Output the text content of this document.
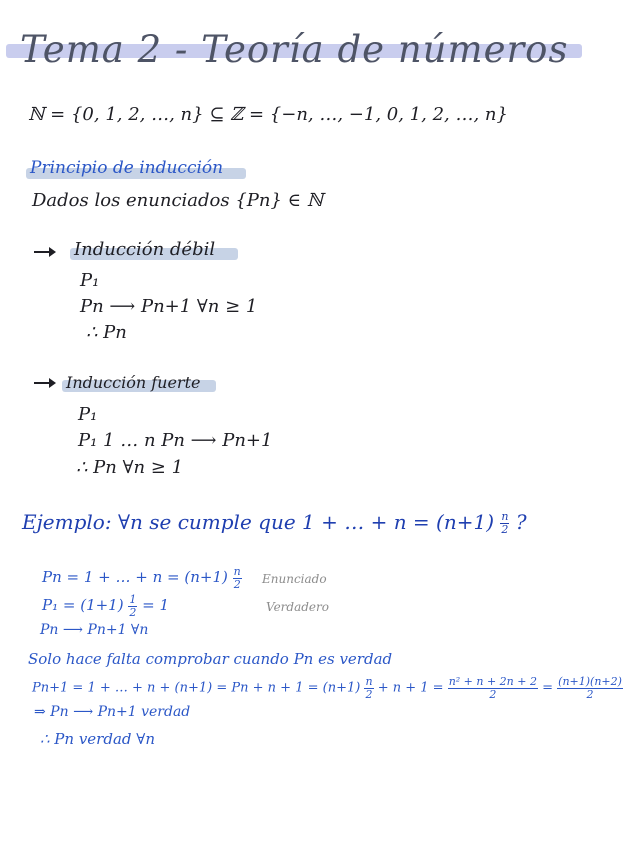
Tema 2 - Teoría de números
ℕ = {0, 1, 2, …, n} ⊆ ℤ = {−n, …, −1, 0, 1, 2, …, n}
Principio de inducción
Dados los enunciados {Pn} ∈ ℕ
Inducción débil
P₁
Pn ⟶ Pn+1 ∀n ≥ 1
∴ Pn
Inducción fuerte
P₁
P₁ 1 … n Pn ⟶ Pn+1
∴ Pn ∀n ≥ 1
Ejemplo: ∀n se cumple que 1 + … + $n = (n+1) \frac{n}{2}$ ?
Pn = 1 + … + $n = (n+1) \frac{n}{2}$ Enunciado
$P_1 = (1+1) \frac{1}{2} = 1$	Verdadero
Pn ⟶ Pn+1 ∀n
Solo hace falta comprobar cuando Pn es verdad
Pn+1 = 1 + … + $n + (n+1) = Pn + n + 1 = (n+1) \frac{n}{2} + n + 1 = \frac{\text{n² + n + 2n + 2}}{2} = \frac{(n+1)(n+2)}{2}$
⇒ Pn ⟶ Pn+1 verdad
∴ Pn verdad ∀n
